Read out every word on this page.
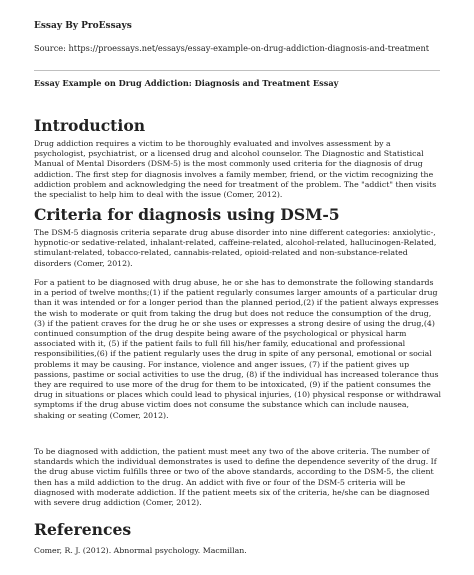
Essay By ProEssays
Source: https://proessays.net/essays/essay-example-on-drug-addiction-diagnosis-and-treatment
Essay Example on Drug Addiction: Diagnosis and Treatment Essay
Introduction

Drug addiction requires a victim to be thoroughly evaluated and involves assessment by a psychologist, psychiatrist, or a licensed drug and alcohol counselor. The Diagnostic and Statistical Manual of Mental Disorders (DSM-5) is the most commonly used criteria for the diagnosis of drug addiction. The first step for diagnosis involves a family member, friend, or the victim recognizing the addiction problem and acknowledging the need for treatment of the problem. The "addict" then visits the specialist to help him to deal with the issue (Comer, 2012).

Criteria for diagnosis using DSM-5

The DSM-5 diagnosis criteria separate drug abuse disorder into nine different categories: anxiolytic-, hypnotic-or sedative-related, inhalant-related, caffeine-related, alcohol-related, hallucinogen-Related, stimulant-related, tobacco-related, cannabis-related, opioid-related and non-substance-related disorders (Comer, 2012).

For a patient to be diagnosed with drug abuse, he or she has to demonstrate the following standards in a period of twelve months;(1) if the patient regularly consumes larger amounts of a particular drug than it was intended or for a longer period than the planned period,(2) if the patient always expresses the wish to moderate or quit from taking the drug but does not reduce the consumption of the drug,(3) if the patient craves for the drug he or she uses or expresses a strong desire of using the drug,(4) continued consumption of the drug despite being aware of the psychological or physical harm associated with it, (5) if the patient fails to full fill his/her family, educational and professional responsibilities,(6) if the patient regularly uses the drug in spite of any personal, emotional or social problems it may be causing. For instance, violence and anger issues, (7) if the patient gives up passions, pastime or social activities to use the drug, (8) if the individual has increased tolerance thus they are required to use more of the drug for them to be intoxicated, (9) if the patient consumes the drug in situations or places which could lead to physical injuries, (10) physical response or withdrawal symptoms if the drug abuse victim does not consume the substance which can include nausea, shaking or seating (Comer, 2012).

To be diagnosed with addiction, the patient must meet any two of the above criteria. The number of standards which the individual demonstrates is used to define the dependence severity of the drug. If the drug abuse victim fulfills three or two of the above standards, according to the DSM-5, the client then has a mild addiction to the drug. An addict with five or four of the DSM-5 criteria will be diagnosed with moderate addiction. If the patient meets six of the criteria, he/she can be diagnosed with severe drug addiction (Comer, 2012).

References

Comer, R. J. (2012). Abnormal psychology. Macmillan.
